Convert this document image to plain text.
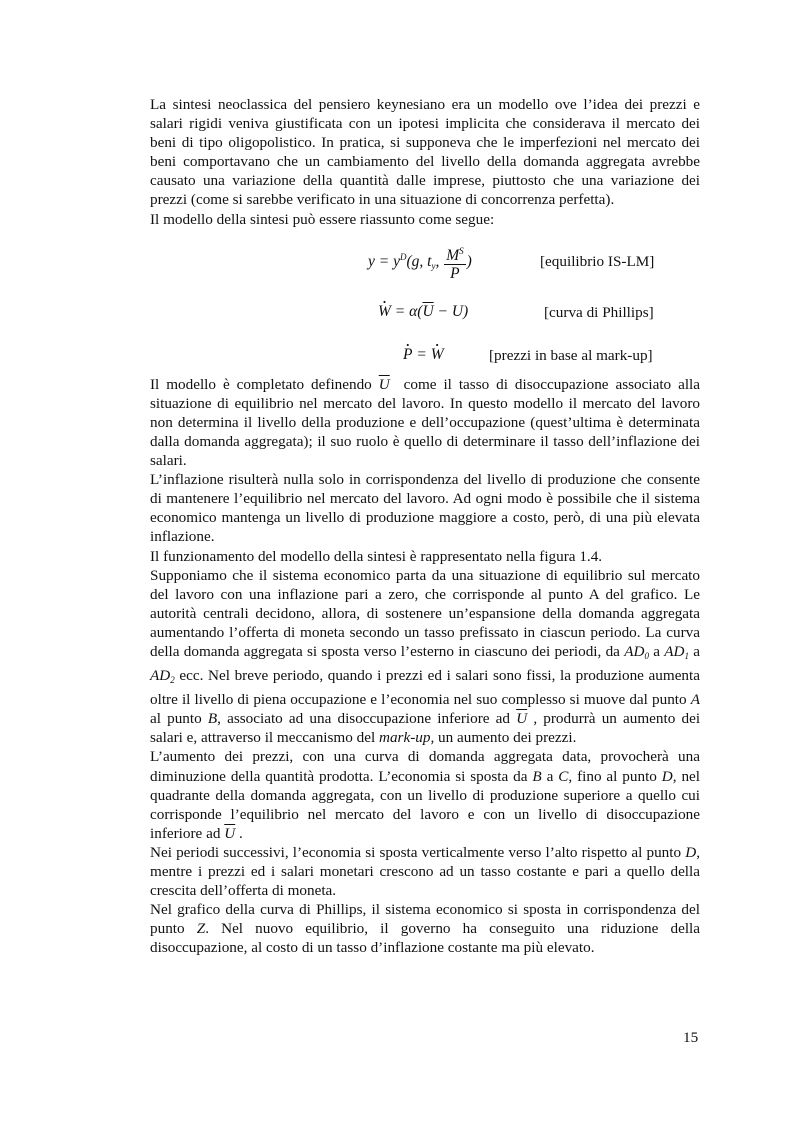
La sintesi neoclassica del pensiero keynesiano era un modello ove l’idea dei prezzi e salari rigidi veniva giustificata con un ipotesi implicita che considerava il mercato dei beni di tipo oligopolistico. In pratica, si supponeva che le imperfezioni nel mercato dei beni comportavano che un cambiamento del livello della domanda aggregata avrebbe causato una variazione della quantità dalle imprese, piuttosto che una variazione dei prezzi (come si sarebbe verificato in una situazione di concorrenza perfetta).

Il modello della sintesi può essere riassunto come segue:

$y = y^D(g$, $t_y$, $\frac{M^S}{P}$ )	[equilibrio IS-LM]
· $W = \alpha(\overline{U} - U)$	[curva di Phillips]
· P = · W	[prezzi in base al mark-up]

Il modello è completato definendo $\overline{U}$ come il tasso di disoccupazione associato alla situazione di equilibrio nel mercato del lavoro. In questo modello il mercato del lavoro non determina il livello della produzione e dell’occupazione (quest’ultima è determinata dalla domanda aggregata); il suo ruolo è quello di determinare il tasso dell’inflazione dei salari.

L’inflazione risulterà nulla solo in corrispondenza del livello di produzione che consente di mantenere l’equilibrio nel mercato del lavoro. Ad ogni modo è possibile che il sistema economico mantenga un livello di produzione maggiore a costo, però, di una più elevata inflazione.

Il funzionamento del modello della sintesi è rappresentato nella figura 1.4.

Supponiamo che il sistema economico parta da una situazione di equilibrio sul mercato del lavoro con una inflazione pari a zero, che corrisponde al punto A del grafico. Le autorità centrali decidono, allora, di sostenere un’espansione della domanda aggregata aumentando l’offerta di moneta secondo un tasso prefissato in ciascun periodo. La curva della domanda aggregata si sposta verso l’esterno in ciascuno dei periodi, da $AD_0$ a $AD_1$ a $AD_2$ ecc. Nel breve periodo, quando i prezzi ed i salari sono fissi, la produzione aumenta oltre il livello di piena occupazione e l’economia nel suo complesso si muove dal punto A al punto B, associato ad una disoccupazione inferiore ad $\overline{U}$ , produrrà un aumento dei salari e, attraverso il meccanismo del mark-up, un aumento dei prezzi.

L’aumento dei prezzi, con una curva di domanda aggregata data, provocherà una diminuzione della quantità prodotta. L’economia si sposta da B a C, fino al punto D, nel quadrante della domanda aggregata, con un livello di produzione superiore a quello cui corrisponde l’equilibrio nel mercato del lavoro e con un livello di disoccupazione inferiore ad $\overline{U}$ .

Nei periodi successivi, l’economia si sposta verticalmente verso l’alto rispetto al punto D, mentre i prezzi ed i salari monetari crescono ad un tasso costante e pari a quello della crescita dell’offerta di moneta.

Nel grafico della curva di Phillips, il sistema economico si sposta in corrispondenza del punto Z. Nel nuovo equilibrio, il governo ha conseguito una riduzione della disoccupazione, al costo di un tasso d’inflazione costante ma più elevato.

15
